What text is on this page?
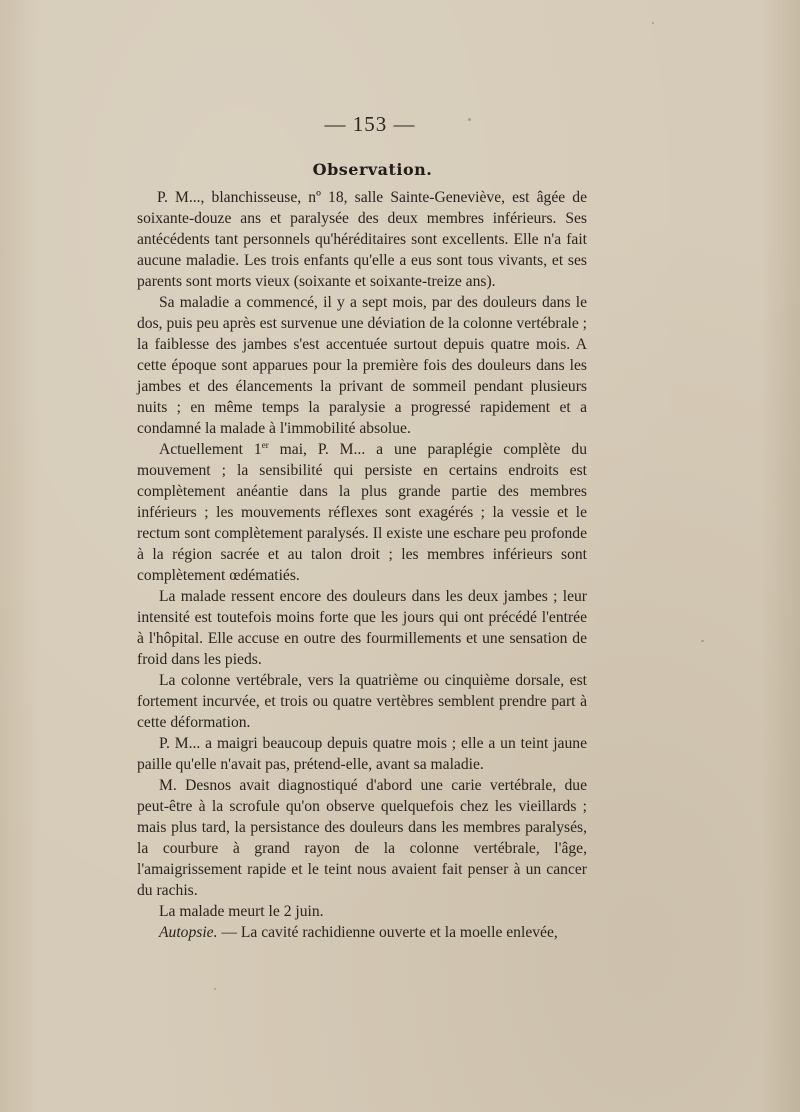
— 153 —
Observation.

P. M..., blanchisseuse, nº 18, salle Sainte-Geneviève, est âgée de soixante-douze ans et paralysée des deux membres inférieurs. Ses antécédents tant personnels qu'héréditaires sont excellents. Elle n'a fait aucune maladie. Les trois enfants qu'elle a eus sont tous vivants, et ses parents sont morts vieux (soixante et soixante-treize ans).

Sa maladie a commencé, il y a sept mois, par des douleurs dans le dos, puis peu après est survenue une déviation de la colonne vertébrale ; la faiblesse des jambes s'est accentuée surtout depuis quatre mois. A cette époque sont apparues pour la première fois des douleurs dans les jambes et des élancements la privant de sommeil pendant plusieurs nuits ; en même temps la paralysie a progressé rapidement et a condamné la malade à l'immobilité absolue.

Actuellement 1er mai, P. M... a une paraplégie complète du mouvement ; la sensibilité qui persiste en certains endroits est complètement anéantie dans la plus grande partie des membres inférieurs ; les mouvements réflexes sont exagérés ; la vessie et le rectum sont complètement paralysés. Il existe une eschare peu profonde à la région sacrée et au talon droit ; les membres inférieurs sont complètement œdématiés.

La malade ressent encore des douleurs dans les deux jambes ; leur intensité est toutefois moins forte que les jours qui ont précédé l'entrée à l'hôpital. Elle accuse en outre des fourmillements et une sensation de froid dans les pieds.

La colonne vertébrale, vers la quatrième ou cinquième dorsale, est fortement incurvée, et trois ou quatre vertèbres semblent prendre part à cette déformation.

P. M... a maigri beaucoup depuis quatre mois ; elle a un teint jaune paille qu'elle n'avait pas, prétend-elle, avant sa maladie.

M. Desnos avait diagnostiqué d'abord une carie vertébrale, due peut-être à la scrofule qu'on observe quelquefois chez les vieillards ; mais plus tard, la persistance des douleurs dans les membres paralysés, la courbure à grand rayon de la colonne vertébrale, l'âge, l'amaigrissement rapide et le teint nous avaient fait penser à un cancer du rachis.

La malade meurt le 2 juin.

Autopsie. — La cavité rachidienne ouverte et la moelle enlevée,
